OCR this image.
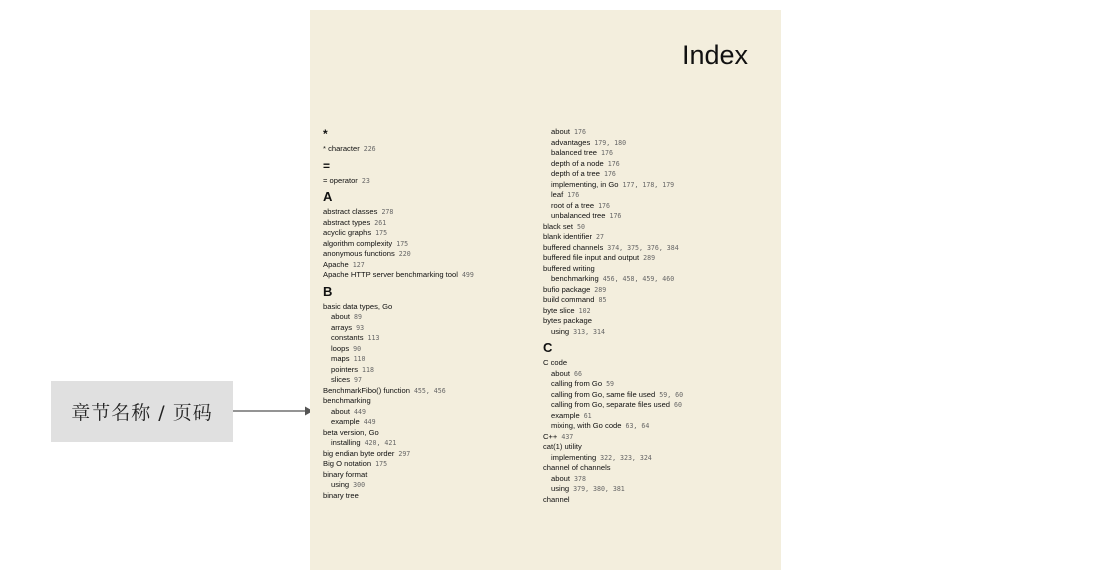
章节名称 / 页码
Index
*
* character 226
=
= operator 23
A
abstract classes 278
abstract types 261
acyclic graphs 175
algorithm complexity 175
anonymous functions 220
Apache 127
Apache HTTP server benchmarking tool 499
B
basic data types, Go
about 89
arrays 93
constants 113
loops 90
maps 110
pointers 118
slices 97
BenchmarkFibo() function 455, 456
benchmarking
about 449
example 449
beta version, Go
installing 420, 421
big endian byte order 297
Big O notation 175
binary format
using 300
binary tree
about 176
advantages 179, 180
balanced tree 176
depth of a node 176
depth of a tree 176
implementing, in Go 177, 178, 179
leaf 176
root of a tree 176
unbalanced tree 176
black set 50
blank identifier 27
buffered channels 374, 375, 376, 384
buffered file input and output 289
buffered writing
benchmarking 456, 458, 459, 460
bufio package 289
build command 85
byte slice 102
bytes package
using 313, 314
C
C code
about 66
calling from Go 59
calling from Go, same file used 59, 60
calling from Go, separate files used 60
example 61
mixing, with Go code 63, 64
C++ 437
cat(1) utility
implementing 322, 323, 324
channel of channels
about 378
using 379, 380, 381
channel
